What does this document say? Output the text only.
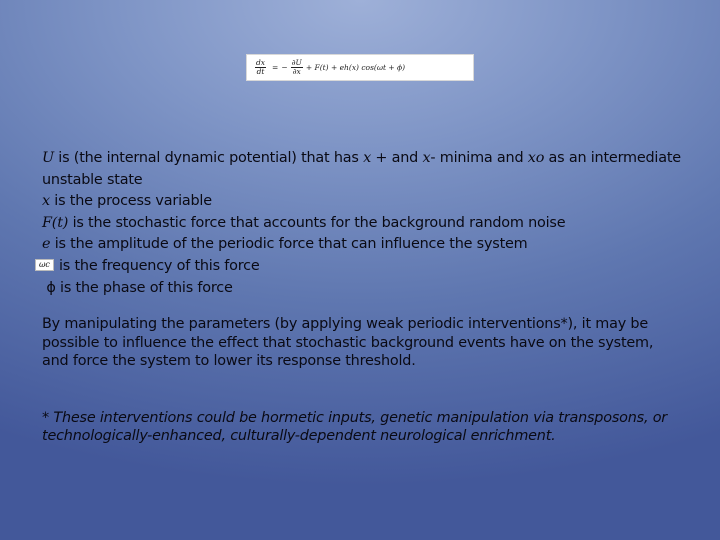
$\frac{dx}{dt}$ = − $\frac{\partial U}{\partial x} + F(t) + eh(x) \cos(\omega t + \phi)$

U is (the internal dynamic potential) that has x + and x- minima and xo as an intermediate unstable state

x is the process variable

F(t) is the stochastic force that accounts for the background random noise

e is the amplitude of the periodic force that can influence the system

ωc is the frequency of this force

ϕ is the phase of this force

By manipulating the parameters (by applying weak periodic interventions*), it may be possible to influence the effect that stochastic background events have on the system, and force the system to lower its response threshold.

* These interventions could be hormetic inputs, genetic manipulation via transposons, or technologically-enhanced, culturally-dependent neurological enrichment.
